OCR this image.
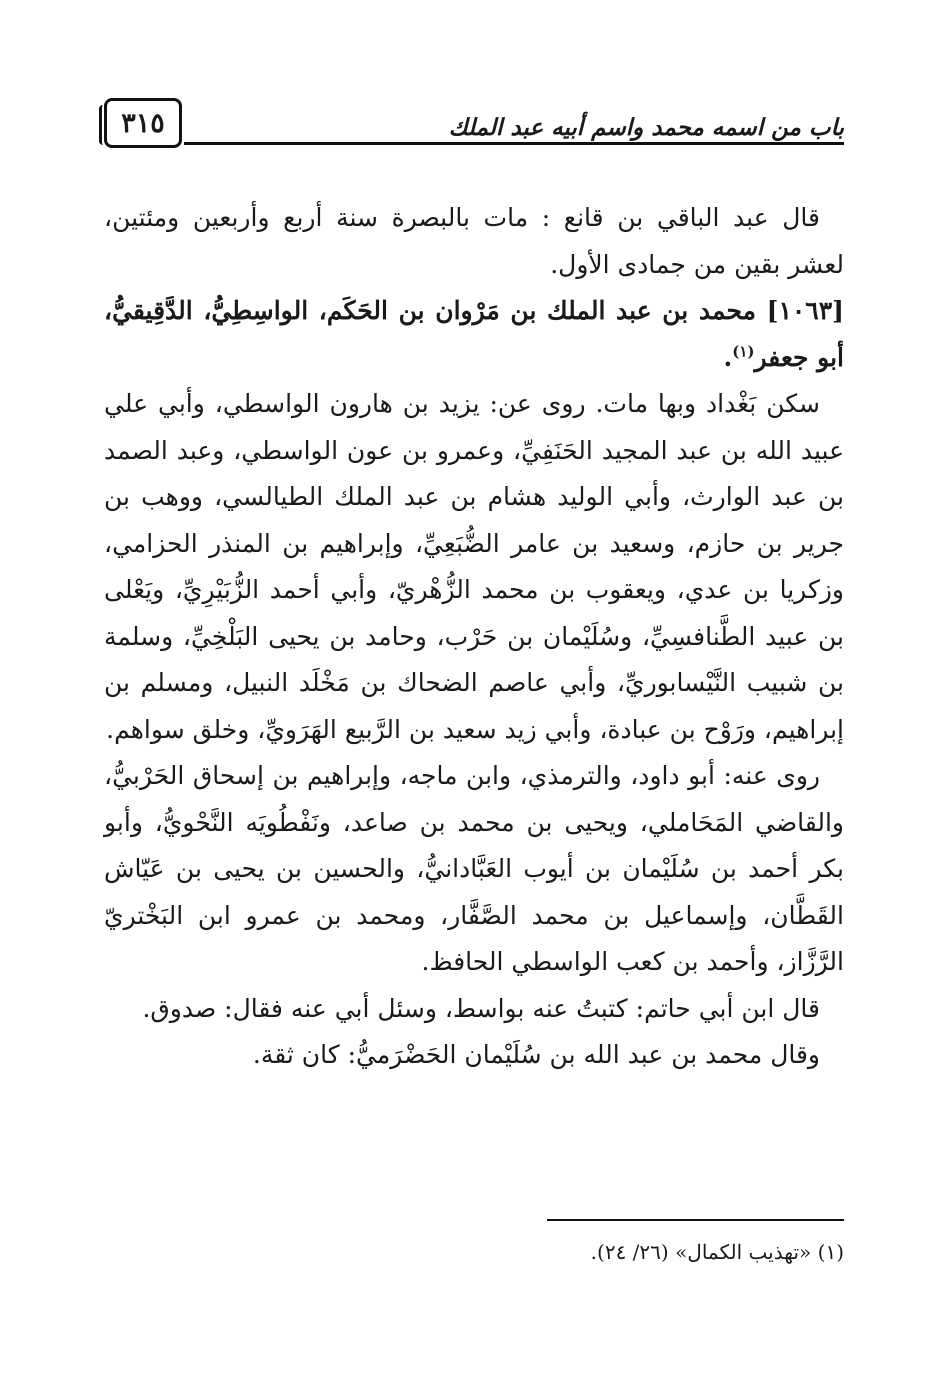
٣١٥	باب من اسمه محمد واسم أبيه عبد الملك

قال عبد الباقي بن قانع : مات بالبصرة سنة أربع وأربعين ومئتين، لعشر بقين من جمادى الأول.

[١٠٦٣] محمد بن عبد الملك بن مَرْوان بن الحَكَم، الواسِطِيُّ، الدَّقِيقيُّ، أبو جعفر$^{(١)}$.

سكن بَغْداد وبها مات. روى عن: يزيد بن هارون الواسطي، وأبي علي عبيد الله بن عبد المجيد الحَنَفِيِّ، وعمرو بن عون الواسطي، وعبد الصمد بن عبد الوارث، وأبي الوليد هشام بن عبد الملك الطيالسي، ووهب بن جرير بن حازم، وسعيد بن عامر الضُّبَعِيِّ، وإبراهيم بن المنذر الحزامي، وزكريا بن عدي، ويعقوب بن محمد الزُّهْريّ، وأبي أحمد الزُّبَيْرِيِّ، ويَعْلى بن عبيد الطَّنافسِيِّ، وسُلَيْمان بن حَرْب، وحامد بن يحيى البَلْخِيِّ، وسلمة بن شبيب النَّيْسابوريِّ، وأبي عاصم الضحاك بن مَخْلَد النبيل، ومسلم بن إبراهيم، ورَوْح بن عبادة، وأبي زيد سعيد بن الرَّبيع الهَرَويِّ، وخلق سواهم.

روى عنه: أبو داود، والترمذي، وابن ماجه، وإبراهيم بن إسحاق الحَرْبيُّ، والقاضي المَحَاملي، ويحيى بن محمد بن صاعد، ونَفْطُويَه النَّحْويُّ، وأبو بكر أحمد بن سُلَيْمان بن أيوب العَبَّادانيُّ، والحسين بن يحيى بن عَيّاش القَطَّان، وإسماعيل بن محمد الصَّفَّار، ومحمد بن عمرو ابن البَخْتريّ الرَّزَّاز، وأحمد بن كعب الواسطي الحافظ.

قال ابن أبي حاتم: كتبتُ عنه بواسط، وسئل أبي عنه فقال: صدوق.

وقال محمد بن عبد الله بن سُلَيْمان الحَضْرَميُّ: كان ثقة.

(١) «تهذيب الكمال» (٢٦/ ٢٤).
